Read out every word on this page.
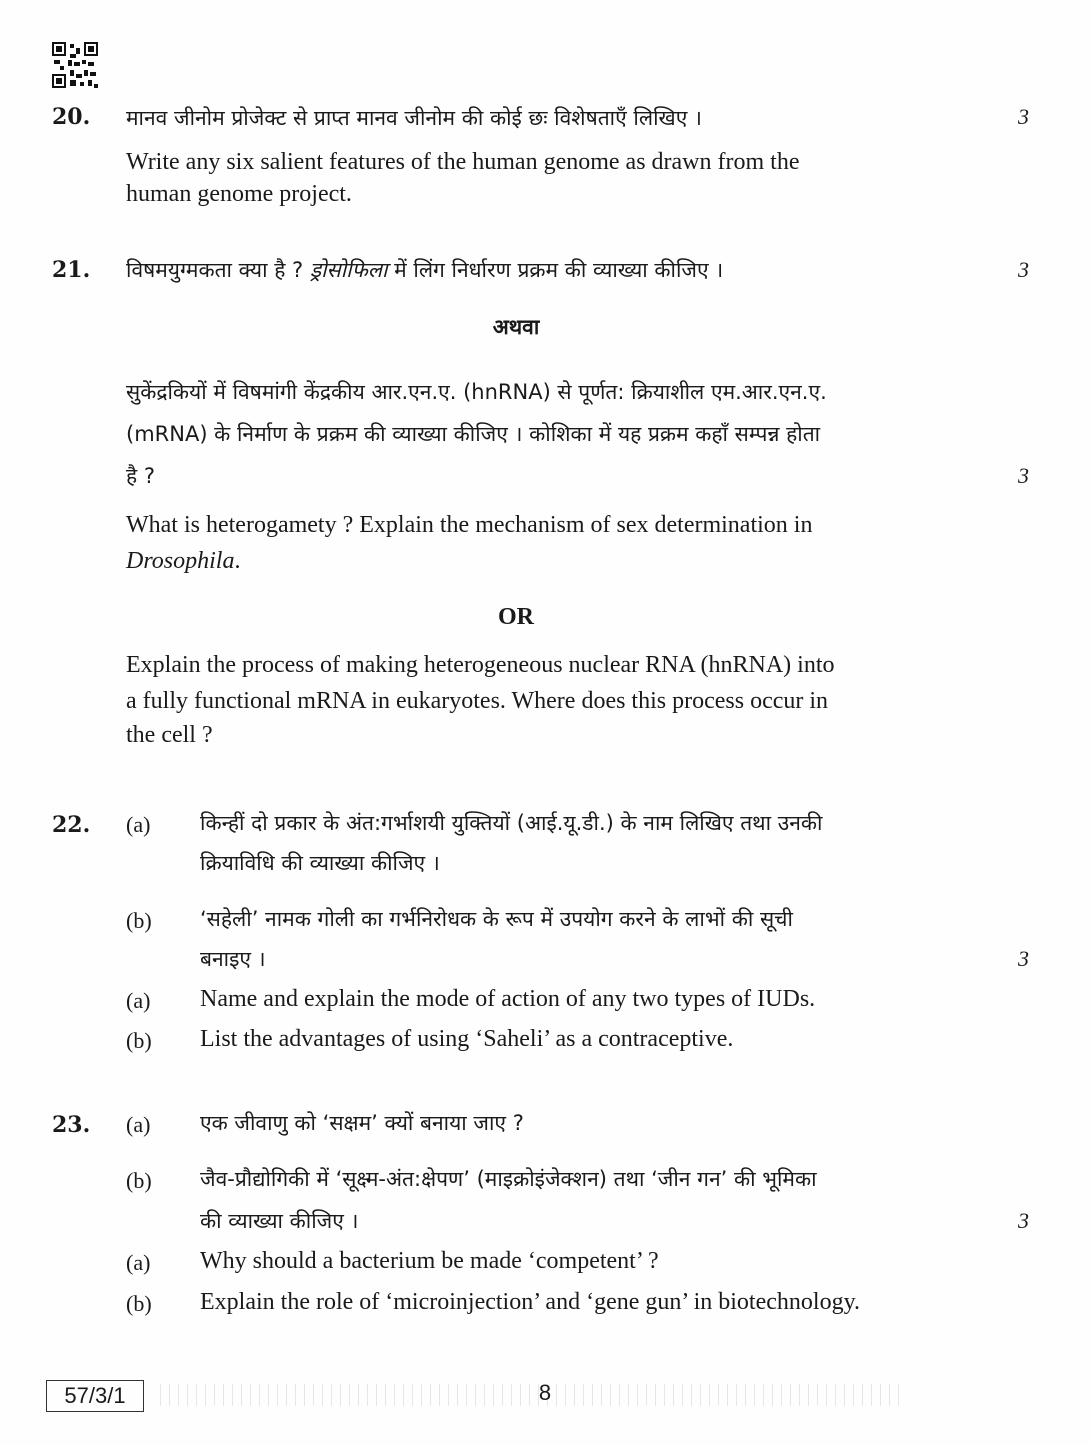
20. मानव जीनोम प्रोजेक्ट से प्राप्त मानव जीनोम की कोई छः विशेषताएँ लिखिए ।	3
Write any six salient features of the human genome as drawn from the
human genome project.
21. विषमयुग्मकता क्या है ? ड्रोसोफिला में लिंग निर्धारण प्रक्रम की व्याख्या कीजिए ।	3
अथवा
सुकेंद्रकियों में विषमांगी केंद्रकीय आर.एन.ए. (hnRNA) से पूर्णत: क्रियाशील एम.आर.एन.ए.
(mRNA) के निर्माण के प्रक्रम की व्याख्या कीजिए । कोशिका में यह प्रक्रम कहाँ सम्पन्न होता
है ?	3
What is heterogamety ? Explain the mechanism of sex determination in
Drosophila.
OR
Explain the process of making heterogeneous nuclear RNA (hnRNA) into
a fully functional mRNA in eukaryotes. Where does this process occur in
the cell ?
22. (a) किन्हीं दो प्रकार के अंत:गर्भाशयी युक्तियों (आई.यू.डी.) के नाम लिखिए तथा उनकी
क्रियाविधि की व्याख्या कीजिए ।
(b) ‘सहेली’ नामक गोली का गर्भनिरोधक के रूप में उपयोग करने के लाभों की सूची
बनाइए ।	3
(a) Name and explain the mode of action of any two types of IUDs.
(b) List the advantages of using ‘Saheli’ as a contraceptive.
23. (a) एक जीवाणु को ‘सक्षम’ क्यों बनाया जाए ?
(b) जैव-प्रौद्योगिकी में ‘सूक्ष्म-अंत:क्षेपण’ (माइक्रोइंजेक्शन) तथा ‘जीन गन’ की भूमिका
की व्याख्या कीजिए ।	3
(a) Why should a bacterium be made ‘competent’ ?
(b) Explain the role of ‘microinjection’ and ‘gene gun’ in biotechnology.
57/3/1	8
